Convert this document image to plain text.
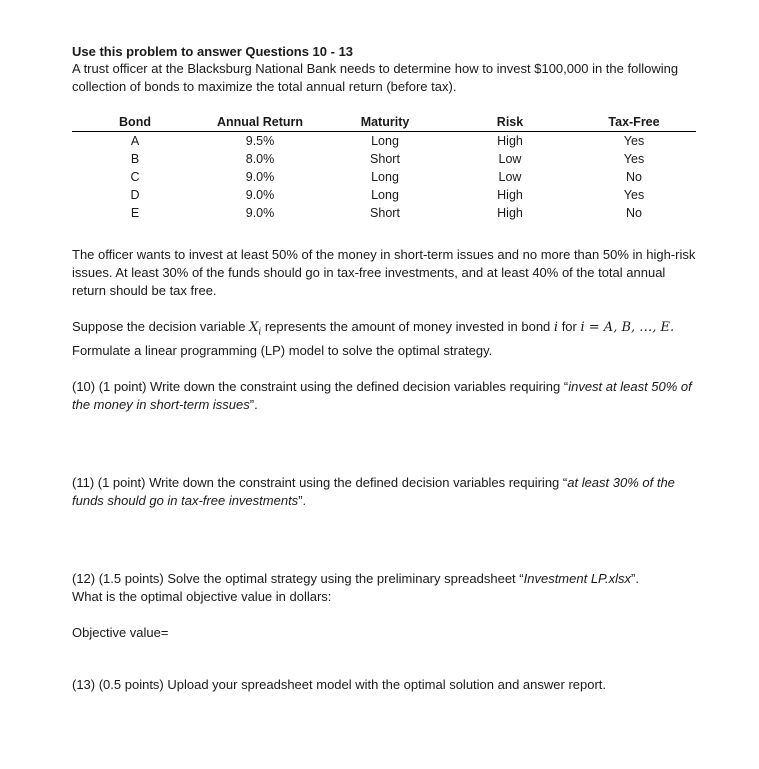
Use this problem to answer Questions 10 - 13

A trust officer at the Blacksburg National Bank needs to determine how to invest $100,000 in the following collection of bonds to maximize the total annual return (before tax).

Bond	Annual Return	Maturity	Risk	Tax-Free
A	9.5%	Long	High	Yes
B	8.0%	Short	Low	Yes
C	9.0%	Long	Low	No
D	9.0%	Long	High	Yes
E	9.0%	Short	High	No

The officer wants to invest at least 50% of the money in short-term issues and no more than 50% in high-risk issues. At least 30% of the funds should go in tax-free investments, and at least 40% of the total annual return should be tax free.

Suppose the decision variable $X_i$ represents the amount of money invested in bond i for i = A, B, …, E.
Formulate a linear programming (LP) model to solve the optimal strategy.

(10) (1 point) Write down the constraint using the defined decision variables requiring “invest at least 50% of the money in short-term issues”.

(11) (1 point) Write down the constraint using the defined decision variables requiring “at least 30% of the funds should go in tax-free investments”.

(12) (1.5 points) Solve the optimal strategy using the preliminary spreadsheet “Investment LP.xlsx”.
What is the optimal objective value in dollars:

Objective value=

(13) (0.5 points) Upload your spreadsheet model with the optimal solution and answer report.
